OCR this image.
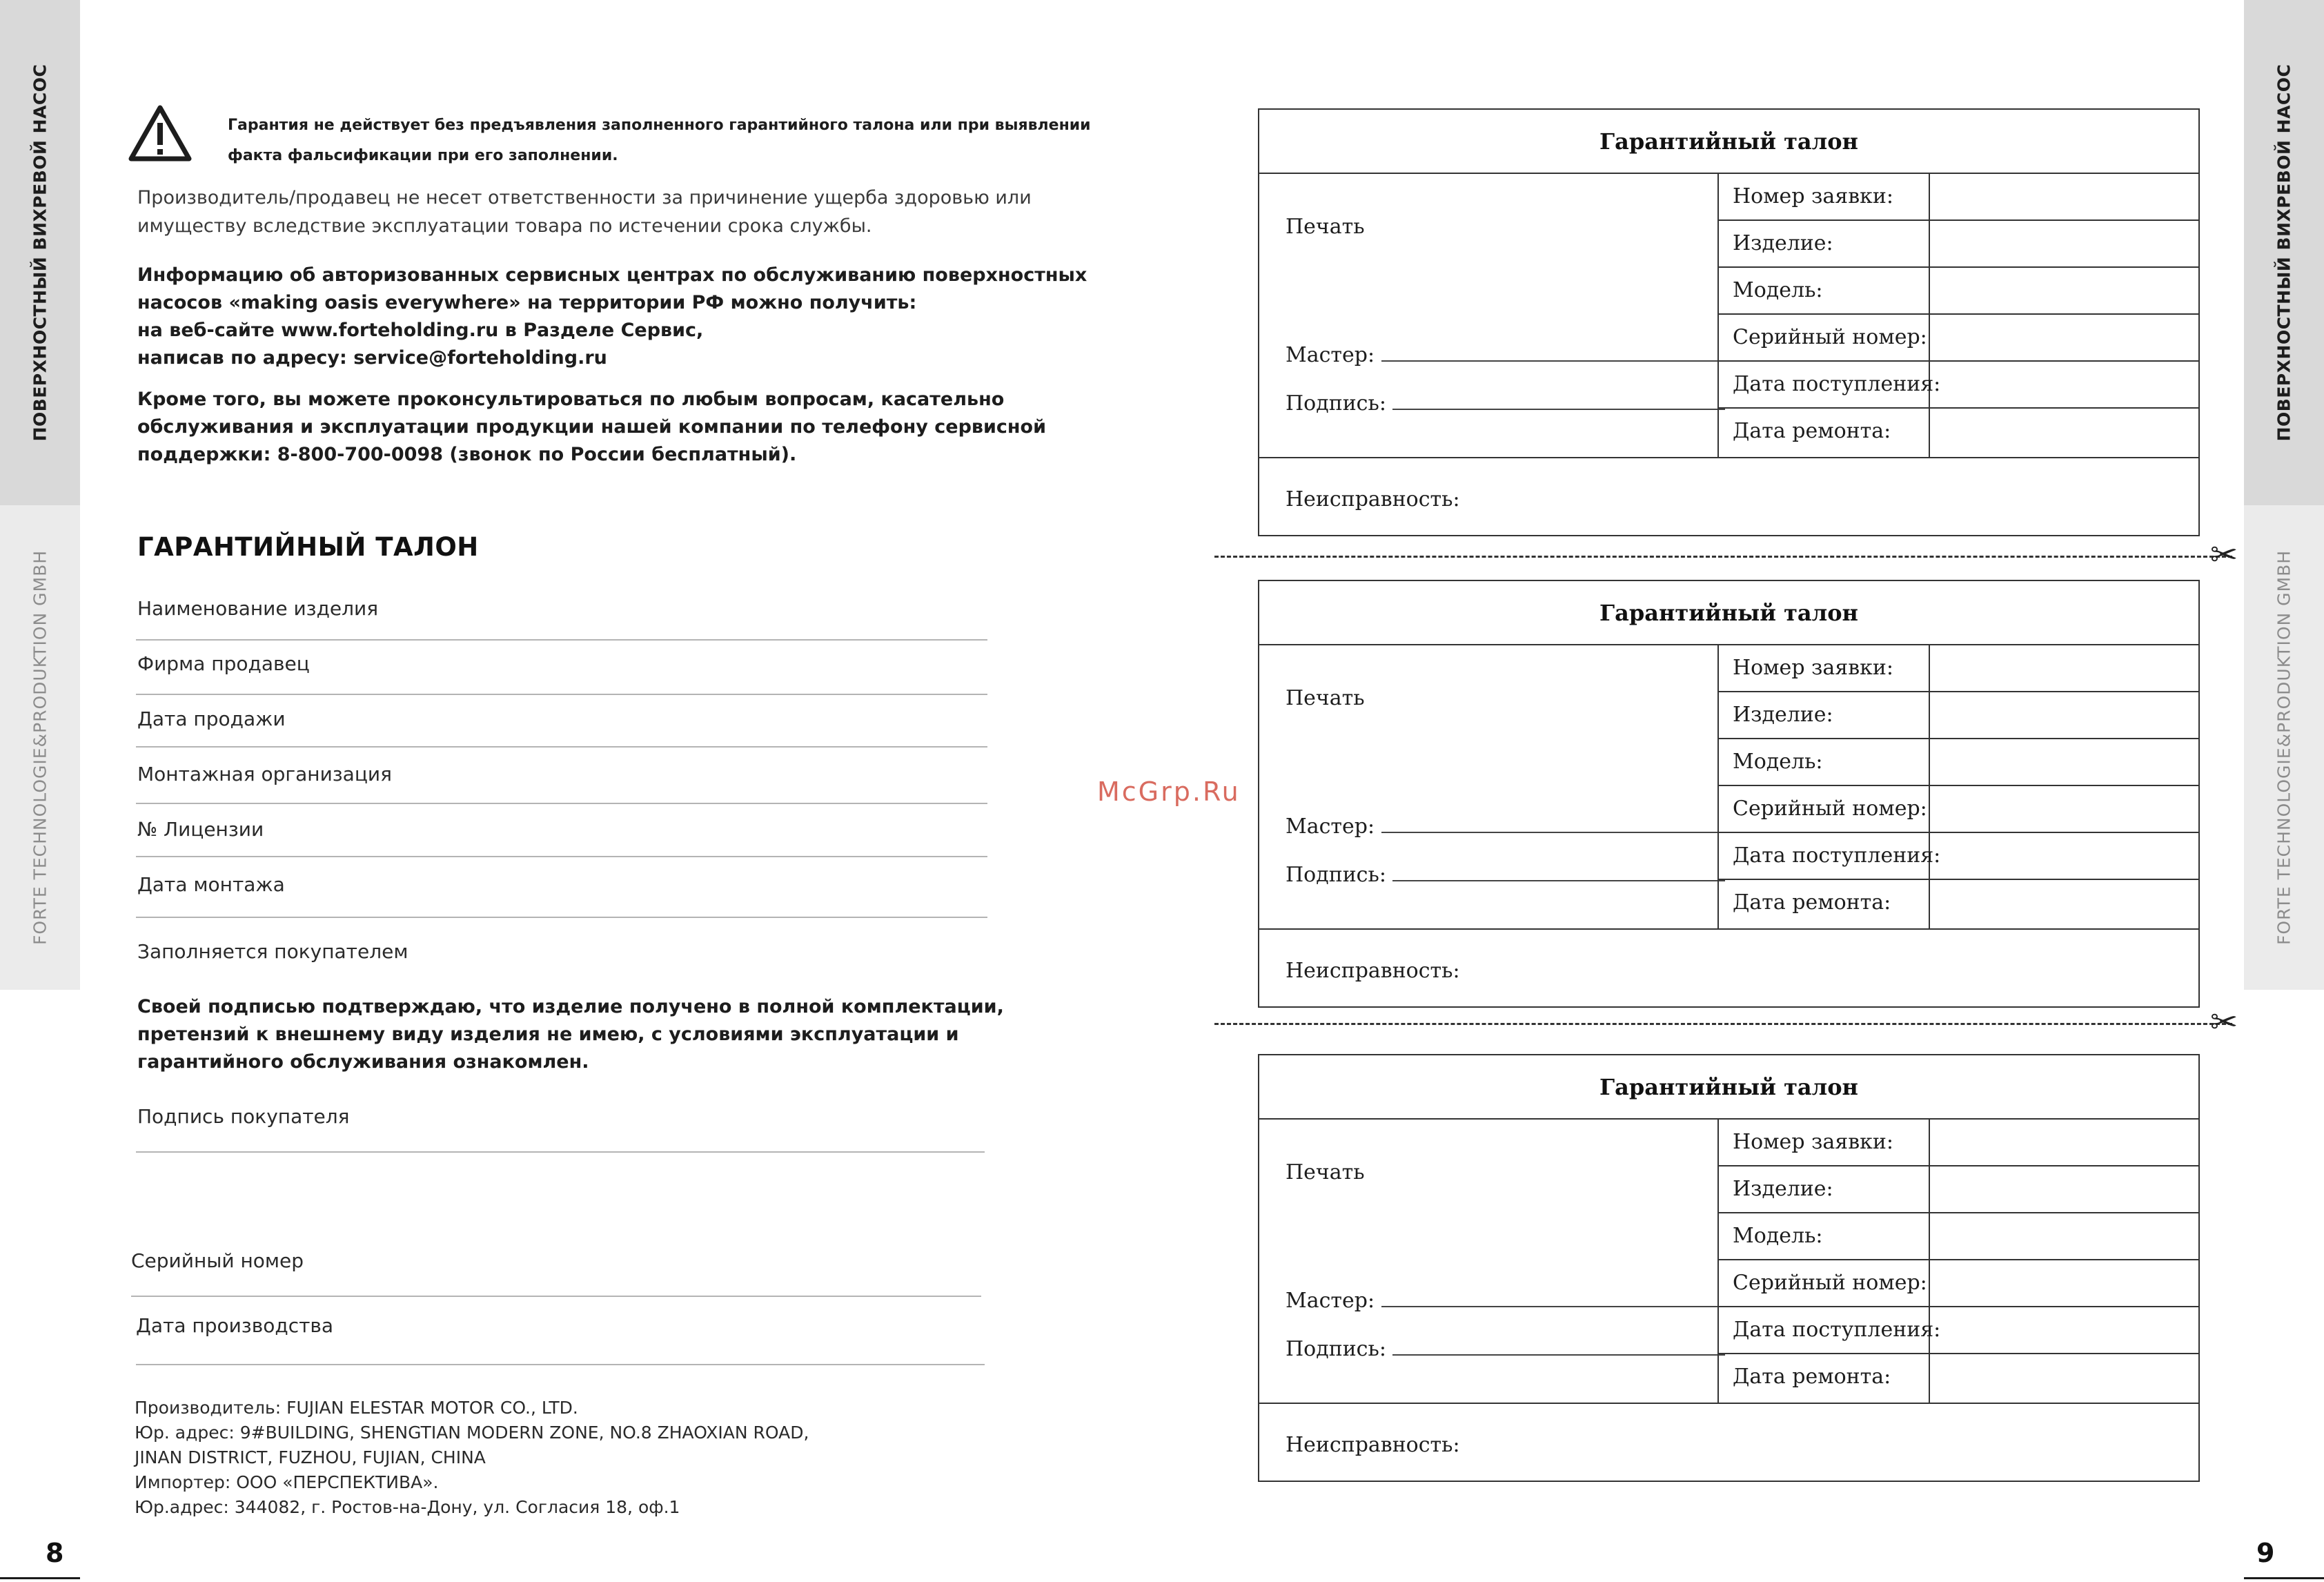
ПОВЕРХНОСТНЫЙ ВИХРЕВОЙ НАСОС
FORTE TECHNOLOGIE&PRODUKTION GMBH
ПОВЕРХНОСТНЫЙ ВИХРЕВОЙ НАСОС
FORTE TECHNOLOGIE&PRODUKTION GMBH
8	9
Гарантия не действует без предъявления заполненного гарантийного талона или при выявлении
факта фальсификации при его заполнении.
Производитель/продавец не несет ответственности за причинение ущерба здоровью или
имуществу вследствие эксплуатации товара по истечении срока службы.
Информацию об авторизованных сервисных центрах по обслуживанию поверхностных
насосов «making oasis everywhere» на территории РФ можно получить:
на веб-сайте www.forteholding.ru в Разделе Сервис,
написав по адресу: service@forteholding.ru
Кроме того, вы можете проконсультироваться по любым вопросам, касательно
обслуживания и эксплуатации продукции нашей компании по телефону сервисной
поддержки: 8-800-700-0098 (звонок по России бесплатный).
ГАРАНТИЙНЫЙ ТАЛОН
Наименование изделия
Фирма продавец
Дата продажи
Монтажная организация
№ Лицензии
Дата монтажа
Заполняется покупателем
Своей подписью подтверждаю, что изделие получено в полной комплектации,
претензий к внешнему виду изделия не имею, с условиями эксплуатации и
гарантийного обслуживания ознакомлен.
Подпись покупателя
Серийный номер
Дата производства
Производитель: FUJIAN ELESTAR MOTOR CO., LTD.
Юр. адрес: 9#BUILDING, SHENGTIAN MODERN ZONE, NO.8 ZHAOXIAN ROAD,
JINAN DISTRICT, FUZHOU, FUJIAN, CHINA
Импортер: ООО «ПЕРСПЕКТИВА».
Юр.адрес: 344082, г. Ростов-на-Дону, ул. Согласия 18, оф.1
McGrp.Ru
Гарантийный талон
Печать
Мастер:
Подпись:
Номер заявки:
Изделие:
Модель:
Серийный номер:
Дата поступления:
Дата ремонта:
Неисправность:
✂
Гарантийный талон
Печать
Мастер:
Подпись:
Номер заявки:
Изделие:
Модель:
Серийный номер:
Дата поступления:
Дата ремонта:
Неисправность:
✂
Гарантийный талон
Печать
Мастер:
Подпись:
Номер заявки:
Изделие:
Модель:
Серийный номер:
Дата поступления:
Дата ремонта:
Неисправность:
